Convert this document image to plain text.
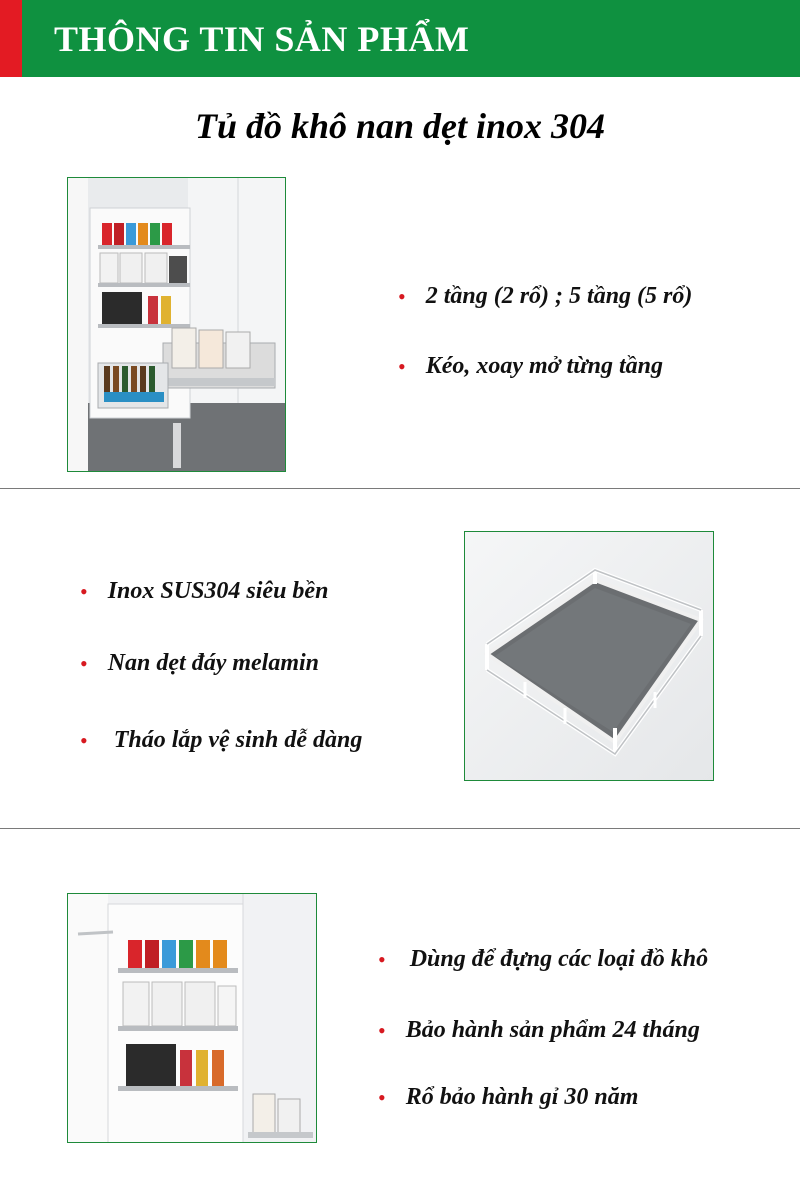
THÔNG TIN SẢN PHẨM
Tủ đồ khô nan dẹt inox 304
• 2 tầng (2 rổ) ; 5 tầng (5 rổ)
• Kéo, xoay mở từng tầng
• Inox SUS304 siêu bền
• Nan dẹt đáy melamin
• Tháo lắp vệ sinh dễ dàng
• Dùng để đựng các loại đồ khô
• Bảo hành sản phẩm 24 tháng
• Rổ bảo hành gỉ 30 năm
